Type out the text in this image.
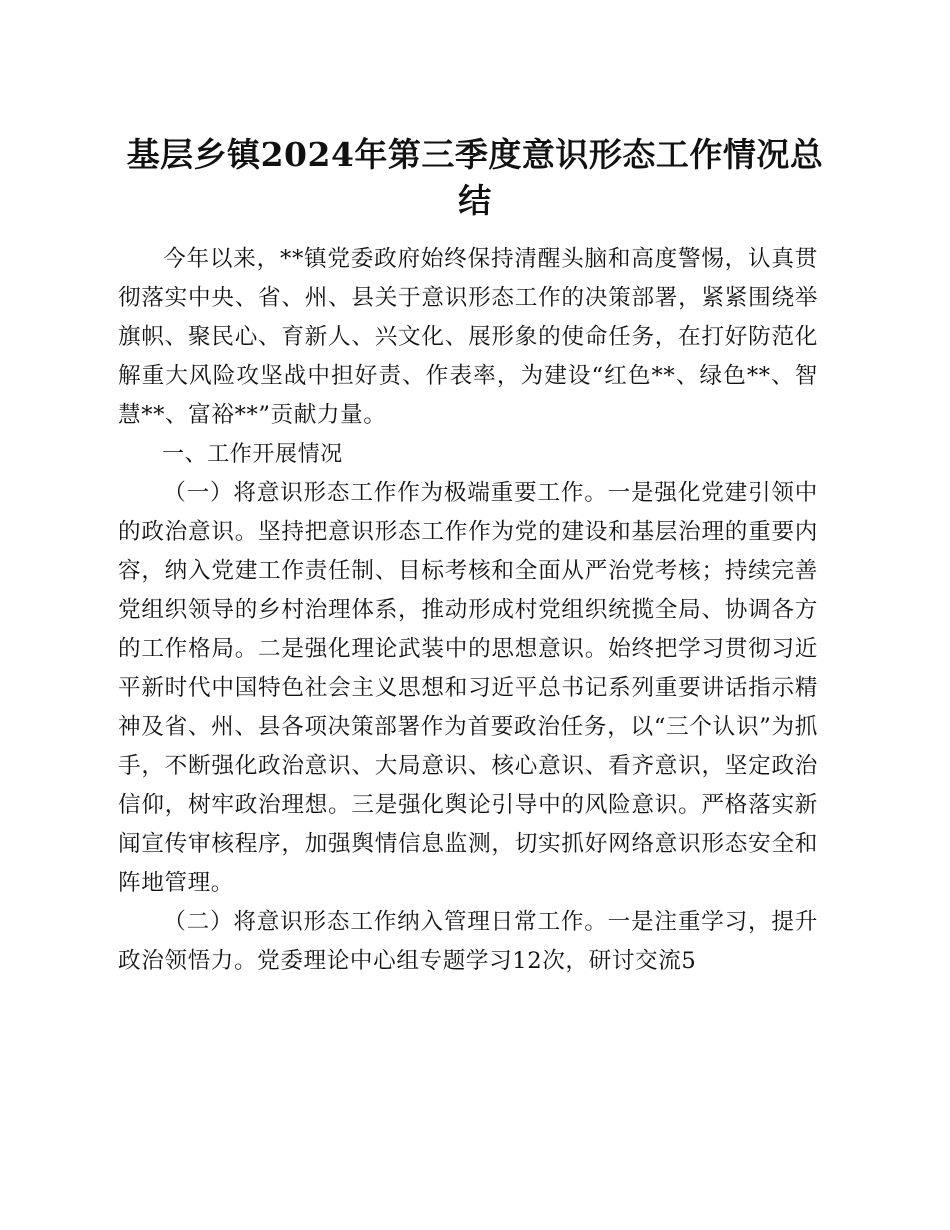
基层乡镇2024年第三季度意识形态工作情况总结

今年以来，**镇党委政府始终保持清醒头脑和高度警惕，认真贯彻落实中央、省、州、县关于意识形态工作的决策部署，紧紧围绕举旗帜、聚民心、育新人、兴文化、展形象的使命任务，在打好防范化解重大风险攻坚战中担好责、作表率，为建设“红色**、绿色**、智慧**、富裕**”贡献力量。

一、工作开展情况

（一）将意识形态工作作为极端重要工作。一是强化党建引领中的政治意识。坚持把意识形态工作作为党的建设和基层治理的重要内容，纳入党建工作责任制、目标考核和全面从严治党考核；持续完善党组织领导的乡村治理体系，推动形成村党组织统揽全局、协调各方的工作格局。二是强化理论武装中的思想意识。始终把学习贯彻习近平新时代中国特色社会主义思想和习近平总书记系列重要讲话指示精神及省、州、县各项决策部署作为首要政治任务，以“三个认识”为抓手，不断强化政治意识、大局意识、核心意识、看齐意识，坚定政治信仰，树牢政治理想。三是强化舆论引导中的风险意识。严格落实新闻宣传审核程序，加强舆情信息监测，切实抓好网络意识形态安全和阵地管理。

（二）将意识形态工作纳入管理日常工作。一是注重学习，提升政治领悟力。党委理论中心组专题学习12次，研讨交流5
